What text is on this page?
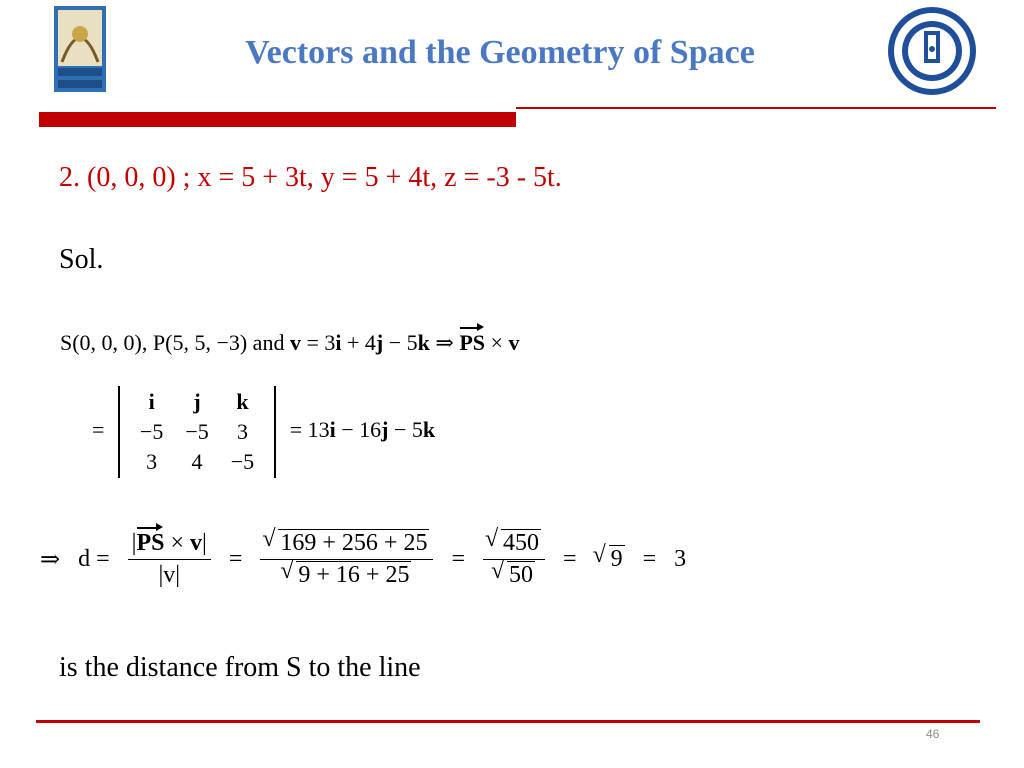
Vectors and the Geometry of Space
2. (0, 0, 0) ; x = 5 + 3t, y = 5 + 4t, z = -3 - 5t.
Sol.
S(0, 0, 0), P(5, 5, −3) and v = 3i + 4j − 5k ⇒ PS × v
= i	j	k
−5	−5	3
3	4	−5 = 13i − 16j − 5k
⇒ $d = \frac{|PS \times v|}{|v|}$ = √ 169 + 256 + 25
√ 9 + 16 + 25 = √ 450
√ 50 = √ 9 = 3
is the distance from S to the line
46
